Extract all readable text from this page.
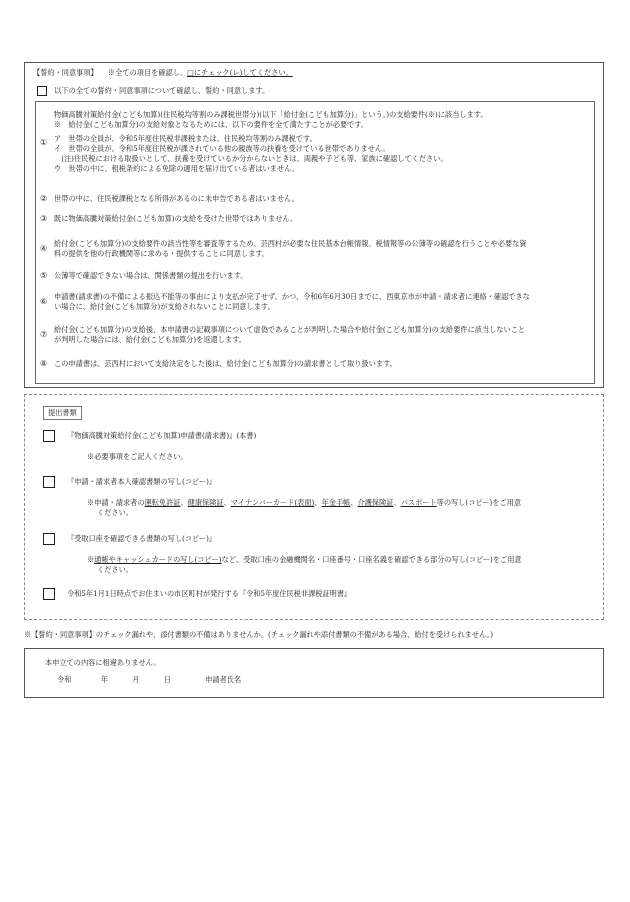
【誓約・同意事項】 ※全ての項目を確認し、□にチェック(レ)してください。
以下の全ての誓約・同意事項について確認し、誓約・同意します。
①
物価高騰対策給付金(こども加算)(住民税均等割のみ課税世帯分)(以下「給付金(こども加算分)」という。)の支給要件(※)に該当します。
※　給付金(こども加算分)の支給対象となるためには、以下の要件を全て満たすことが必要です。
ア　世帯の全員が、令和5年度住民税非課税または、住民税均等割のみ課税です。
イ　世帯の全員が、令和5年度住民税が課されている他の親族等の扶養を受けている世帯でありません。
　(注)住民税における取扱いとして、扶養を受けているか分からないときは、両親や子ども等、家族に確認してください。
ウ　世帯の中に、租税条約による免除の適用を届け出ている者はいません。
② 世帯の中に、住民税課税となる所得があるのに未申告である者はいません。
③ 既に物価高騰対策給付金(こども加算)の支給を受けた世帯ではありません。
④
給付金(こども加算分)の支給要件の該当性等を審査等するため、芸西村が必要な住民基本台帳情報、税情報等の公簿等の確認を行うことや必要な資
料の提供を他の行政機関等に求める・提供することに同意します。
⑤ 公簿等で確認できない場合は、関係書類の提出を行います。
⑥
申請書(請求書)の不備による振込不能等の事由により支払が完了せず、かつ、令和6年6月30日までに、西東京市が申請・請求者に連絡・確認できな
い場合に、給付金(こども加算分)が支給されないことに同意します。
⑦
給付金(こども加算分)の支給後、本申請書の記載事項について虚偽であることが判明した場合や給付金(こども加算分)の支給要件に該当しないこと
が判明した場合には、給付金(こども加算分)を返還します。
⑧ この申請書は、芸西村において支給決定をした後は、給付金(こども加算分)の請求書として取り扱います。
提出書類
『物価高騰対策給付金(こども加算)申請書(請求書)』(本書)
※必要事項をご記入ください。
『申請・請求者本人確認書類の写し(コピー)』
※申請・請求者の運転免許証、健康保険証、マイナンバーカード(表面)、年金手帳、介護保険証、パスポート等の写し(コピー)をご用意
ください。
『受取口座を確認できる書類の写し(コピー)』
※通帳やキャッシュカードの写し(コピー)など、受取口座の金融機関名・口座番号・口座名義を確認できる部分の写し(コピー)をご用意
ください。
令和5年1月1日時点でお住まいの市区町村が発行する『令和5年度住民税非課税証明書』
※【誓約・同意事項】のチェック漏れや、添付書類の不備はありませんか。(チェック漏れや添付書類の不備がある場合、給付を受けられません。)
本申立ての内容に相違ありません。
令和	年	月	日	申請者氏名
